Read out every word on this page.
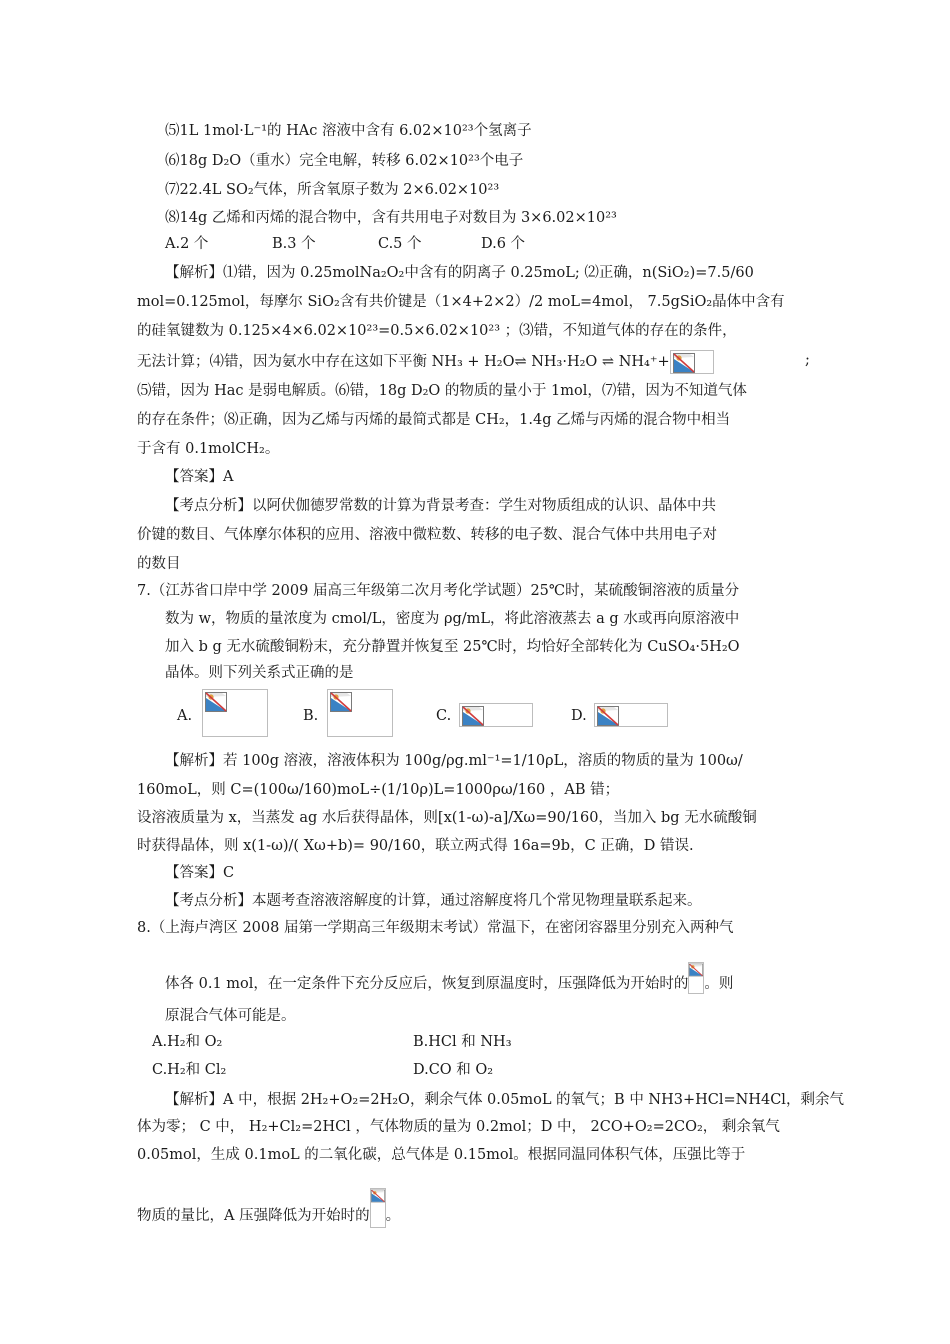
⑸1L 1mol·L⁻¹的 HAc 溶液中含有 6.02×10²³个氢离子
⑹18g D₂O（重水）完全电解，转移 6.02×10²³个电子
⑺22.4L SO₂气体，所含氧原子数为 2×6.02×10²³
⑻14g 乙烯和丙烯的混合物中，含有共用电子对数目为 3×6.02×10²³
A.2 个	B.3 个	C.5 个	D.6 个
【解析】⑴错，因为 0.25molNa₂O₂中含有的阴离子 0.25moL; ⑵正确，n(SiO₂)=7.5/60
mol=0.125mol，每摩尔 SiO₂含有共价键是（1×4+2×2）/2 moL=4mol， 7.5gSiO₂晶体中含有
的硅氧键数为 0.125×4×6.02×10²³=0.5×6.02×10²³ ；⑶错，不知道气体的存在的条件，
无法计算；⑷错，因为氨水中存在这如下平衡 NH₃ + H₂O⇌ NH₃·H₂O ⇌ NH₄⁺+	;
⑸错，因为 Hac 是弱电解质。⑹错，18g D₂O 的物质的量小于 1mol，⑺错，因为不知道气体
的存在条件；⑻正确，因为乙烯与丙烯的最简式都是 CH₂，1.4g 乙烯与丙烯的混合物中相当
于含有 0.1molCH₂。
【答案】A
【考点分析】以阿伏伽德罗常数的计算为背景考查：学生对物质组成的认识、晶体中共
价键的数目、气体摩尔体积的应用、溶液中微粒数、转移的电子数、混合气体中共用电子对
的数目
7.（江苏省口岸中学 2009 届高三年级第二次月考化学试题）25℃时，某硫酸铜溶液的质量分
数为 w，物质的量浓度为 cmol/L，密度为 ρg/mL，将此溶液蒸去 a g 水或再向原溶液中
加入 b g 无水硫酸铜粉末，充分静置并恢复至 25℃时，均恰好全部转化为 CuSO₄·5H₂O
晶体。则下列关系式正确的是
A.	B.	C.	D.
【解析】若 100g 溶液，溶液体积为 100g/ρg.ml⁻¹=1/10ρL，溶质的物质的量为 100ω/
160moL，则 C=(100ω/160)moL÷(1/10ρ)L=1000ρω/160 ，AB 错；
设溶液质量为 x，当蒸发 ag 水后获得晶体，则[x(1-ω)-a]/Xω=90/160，当加入 bg 无水硫酸铜
时获得晶体，则 x(1-ω)/( Xω+b)= 90/160，联立两式得 16a=9b，C 正确，D 错误.
【答案】C
【考点分析】本题考查溶液溶解度的计算，通过溶解度将几个常见物理量联系起来。
8.（上海卢湾区 2008 届第一学期高三年级期末考试）常温下，在密闭容器里分别充入两种气
体各 0.1 mol，在一定条件下充分反应后，恢复到原温度时，压强降低为开始时的 。则
原混合气体可能是。
A.H₂和 O₂	B.HCl 和 NH₃
C.H₂和 Cl₂	D.CO 和 O₂
【解析】A 中，根据 2H₂+O₂=2H₂O，剩余气体 0.05moL 的氧气；B 中 NH3+HCl=NH4Cl，剩余气
体为零； C 中， H₂+Cl₂=2HCl ，气体物质的量为 0.2mol；D 中， 2CO+O₂=2CO₂， 剩余氧气
0.05mol，生成 0.1moL 的二氧化碳，总气体是 0.15mol。根据同温同体积气体，压强比等于
物质的量比，A 压强降低为开始时的 。
